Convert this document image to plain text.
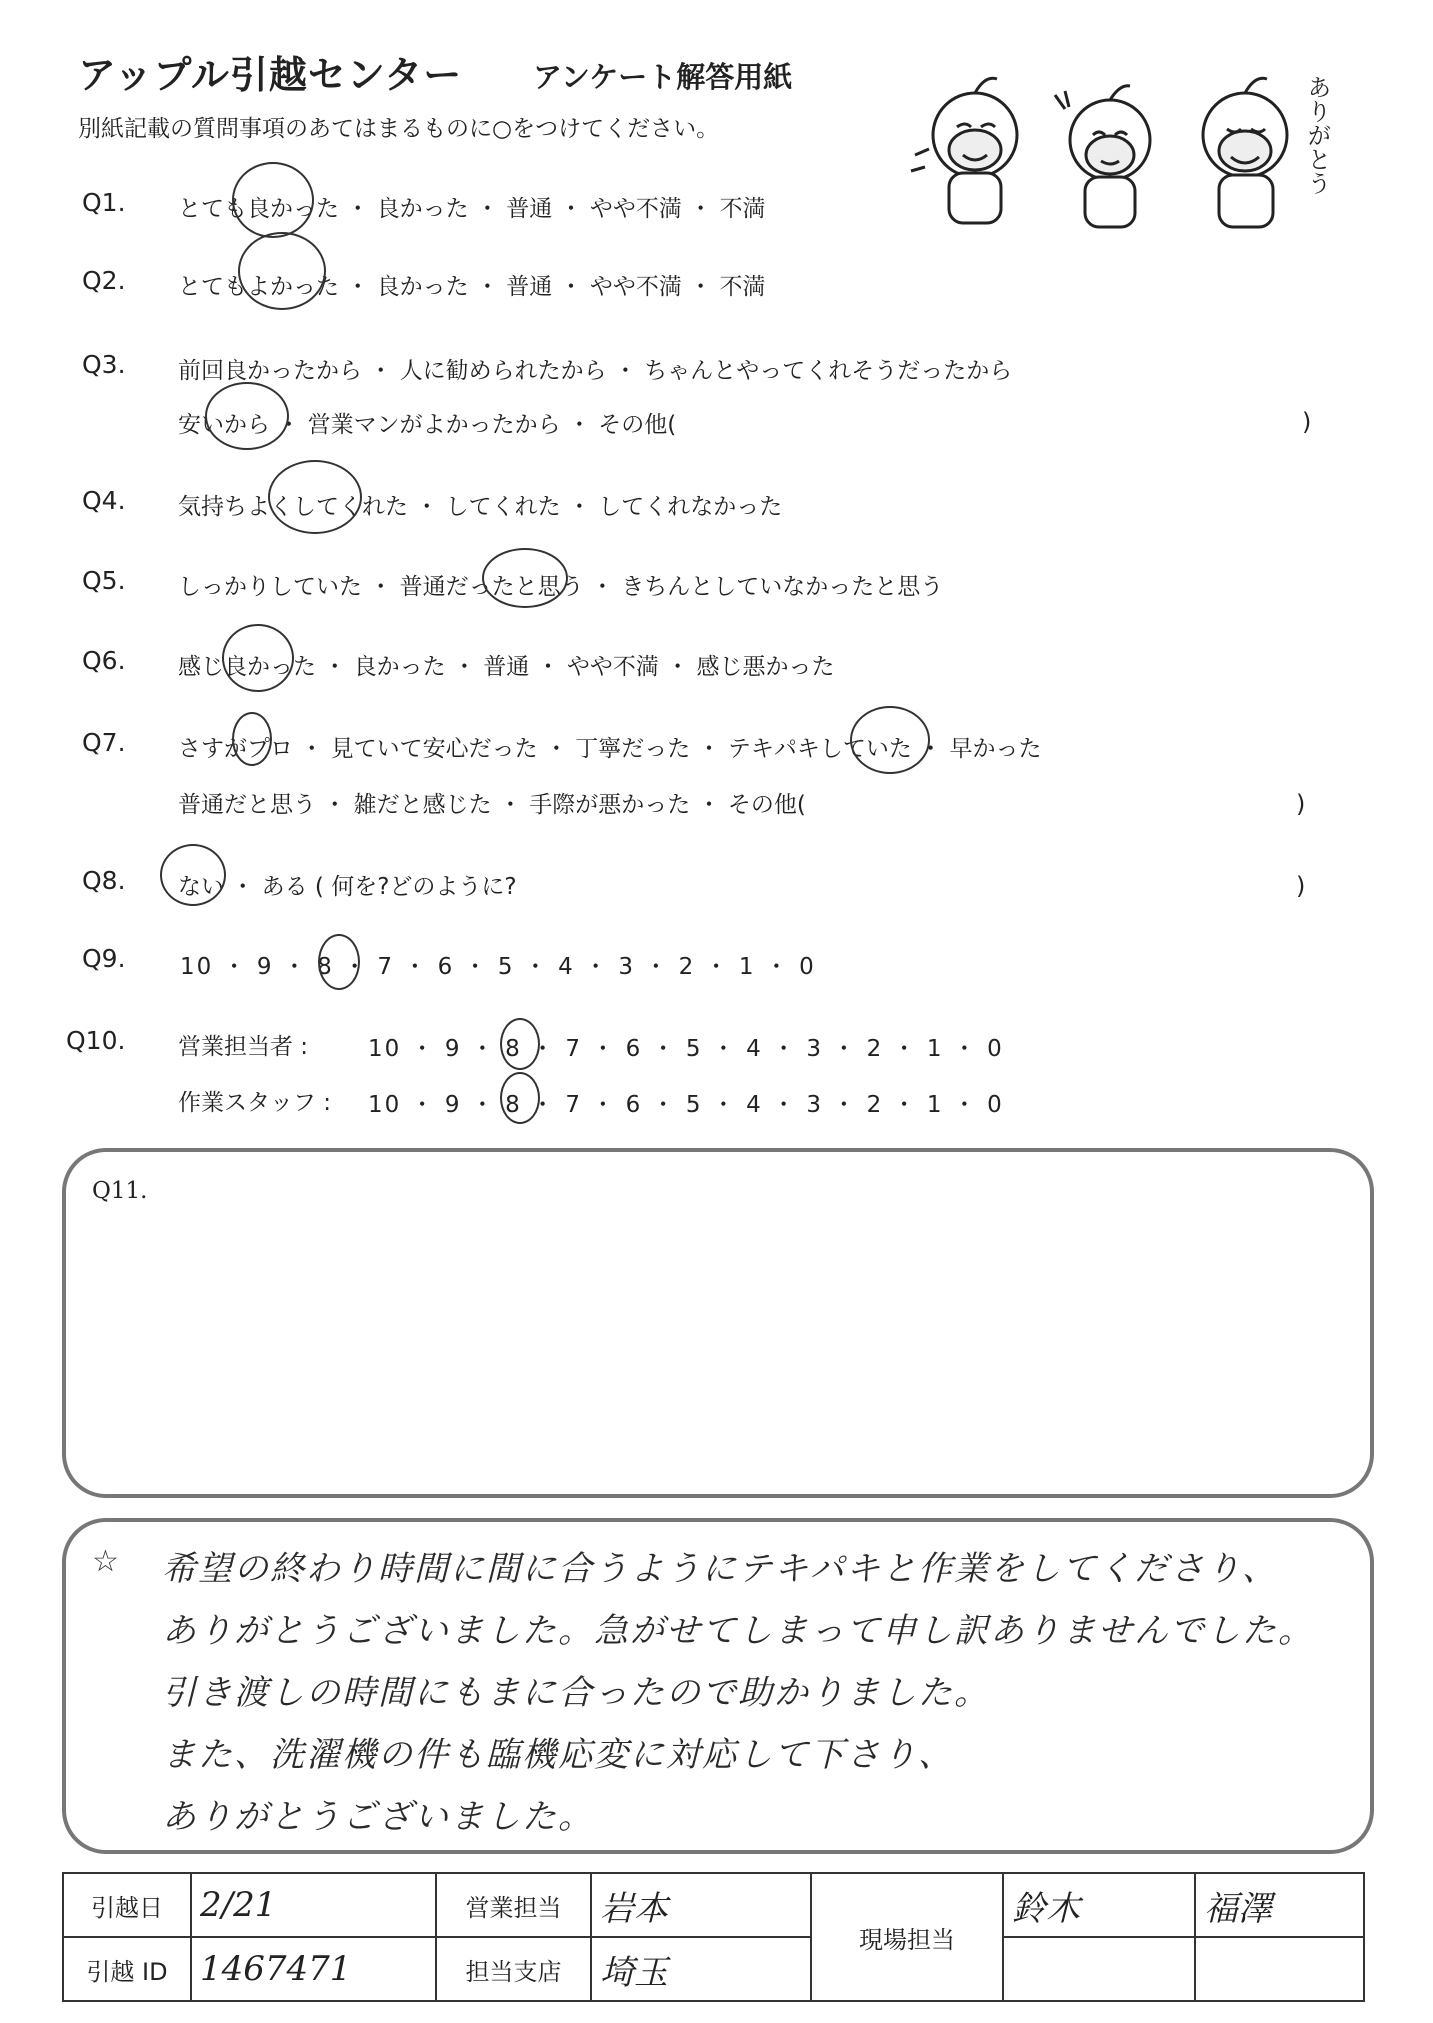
アップル引越センター アンケート解答用紙
別紙記載の質問事項のあてはまるものに○をつけてください。	ありがとう
Q1. とても良かった ・ 良かった ・ 普通 ・ やや不満 ・ 不満
Q2. とてもよかった ・ 良かった ・ 普通 ・ やや不満 ・ 不満
Q3. 前回良かったから ・ 人に勧められたから ・ ちゃんとやってくれそうだったから
安いから ・ 営業マンがよかったから ・ その他(	)
Q4. 気持ちよくしてくれた ・ してくれた ・ してくれなかった
Q5. しっかりしていた ・ 普通だったと思う ・ きちんとしていなかったと思う
Q6. 感じ良かった ・ 良かった ・ 普通 ・ やや不満 ・ 感じ悪かった
Q7. さすがプロ ・ 見ていて安心だった ・ 丁寧だった ・ テキパキしていた ・ 早かった
普通だと思う ・ 雑だと感じた ・ 手際が悪かった ・ その他(	)
Q8. ない ・ ある ( 何を?どのように?	)
Q9. 10 ・ 9 ・ 8 ・ 7 ・ 6 ・ 5 ・ 4 ・ 3 ・ 2 ・ 1 ・ 0
Q10. 営業担当者 :	10 ・ 9 ・ 8 ・ 7 ・ 6 ・ 5 ・ 4 ・ 3 ・ 2 ・ 1 ・ 0
作業スタッフ : 10 ・ 9 ・ 8 ・ 7 ・ 6 ・ 5 ・ 4 ・ 3 ・ 2 ・ 1 ・ 0
Q11.
☆ 希望の終わり時間に間に合うようにテキパキと作業をしてくださり、
ありがとうございました。急がせてしまって申し訳ありませんでした。
引き渡しの時間にもまに合ったので助かりました。
また、洗濯機の件も臨機応変に対応して下さり、
ありがとうございました。
引越日	2/21	営業担当	岩本	現場担当	鈴木	福澤
引越 ID	1467471	担当支店	埼玉			
